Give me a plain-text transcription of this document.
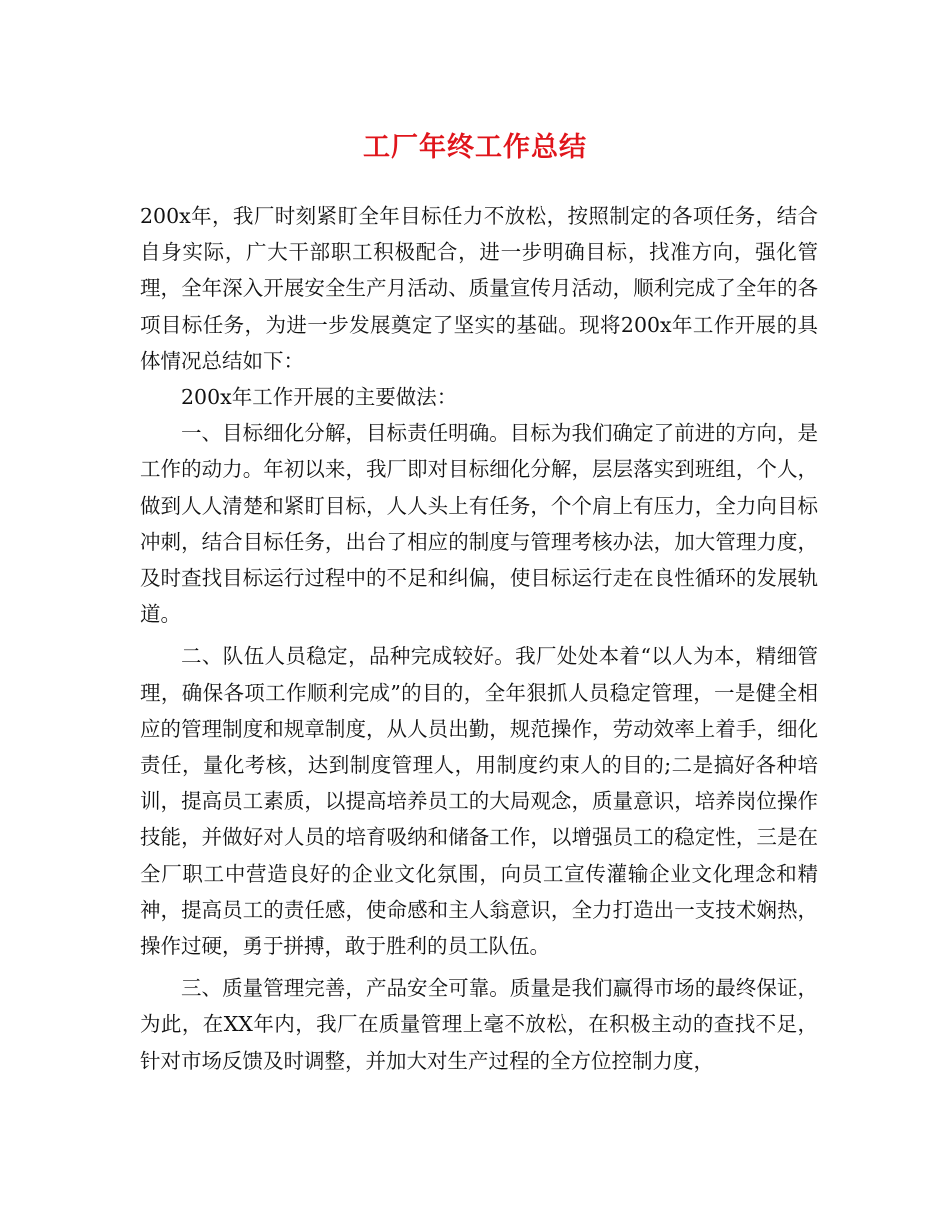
工厂年终工作总结

200x年，我厂时刻紧盯全年目标任力不放松，按照制定的各项任务，结合自身实际，广大干部职工积极配合，进一步明确目标，找准方向，强化管理，全年深入开展安全生产月活动、质量宣传月活动，顺利完成了全年的各项目标任务，为进一步发展奠定了坚实的基础。现将200x年工作开展的具体情况总结如下：

200x年工作开展的主要做法：

一、目标细化分解，目标责任明确。目标为我们确定了前进的方向，是工作的动力。年初以来，我厂即对目标细化分解，层层落实到班组，个人，做到人人清楚和紧盯目标，人人头上有任务，个个肩上有压力，全力向目标冲刺，结合目标任务，出台了相应的制度与管理考核办法，加大管理力度，及时查找目标运行过程中的不足和纠偏，使目标运行走在良性循环的发展轨道。

二、队伍人员稳定，品种完成较好。我厂处处本着“以人为本，精细管理，确保各项工作顺利完成”的目的，全年狠抓人员稳定管理，一是健全相应的管理制度和规章制度，从人员出勤，规范操作，劳动效率上着手，细化责任，量化考核，达到制度管理人，用制度约束人的目的;二是搞好各种培训，提高员工素质，以提高培养员工的大局观念，质量意识，培养岗位操作技能，并做好对人员的培育吸纳和储备工作，以增强员工的稳定性，三是在全厂职工中营造良好的企业文化氛围，向员工宣传灌输企业文化理念和精神，提高员工的责任感，使命感和主人翁意识，全力打造出一支技术娴热，操作过硬，勇于拼搏，敢于胜利的员工队伍。

三、质量管理完善，产品安全可靠。质量是我们赢得市场的最终保证，为此，在XX年内，我厂在质量管理上毫不放松，在积极主动的查找不足，针对市场反馈及时调整，并加大对生产过程的全方位控制力度，
